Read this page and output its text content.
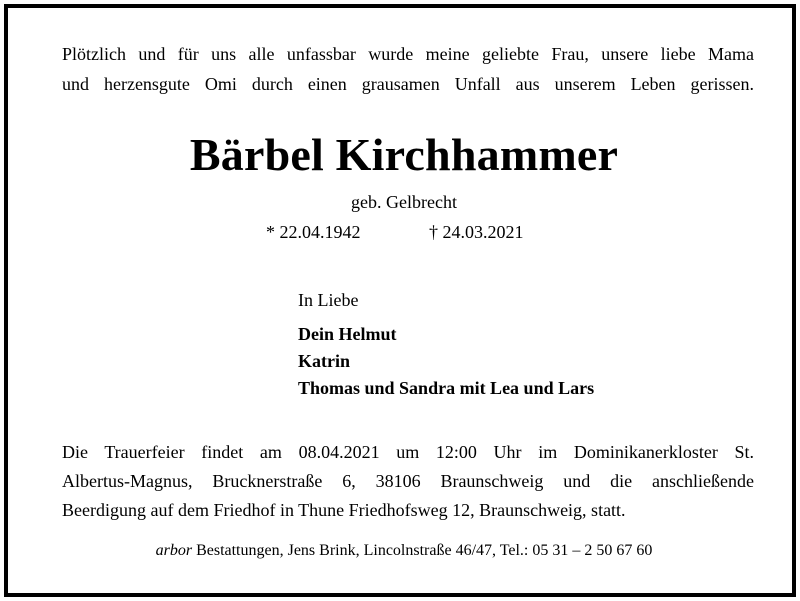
Plötzlich und für uns alle unfassbar wurde meine geliebte Frau, unsere liebe Mama
und herzensgute Omi durch einen grausamen Unfall aus unserem Leben gerissen.
Bärbel Kirchhammer
geb. Gelbrecht
* 22.04.1942	† 24.03.2021
In Liebe
Dein Helmut
Katrin
Thomas und Sandra mit Lea und Lars
Die Trauerfeier findet am 08.04.2021 um 12:00 Uhr im Dominikanerkloster St.
Albertus-Magnus, Brucknerstraße 6, 38106 Braunschweig und die anschließende
Beerdigung auf dem Friedhof in Thune Friedhofsweg 12, Braunschweig, statt.
arbor Bestattungen, Jens Brink, Lincolnstraße 46/47, Tel.: 05 31 – 2 50 67 60
